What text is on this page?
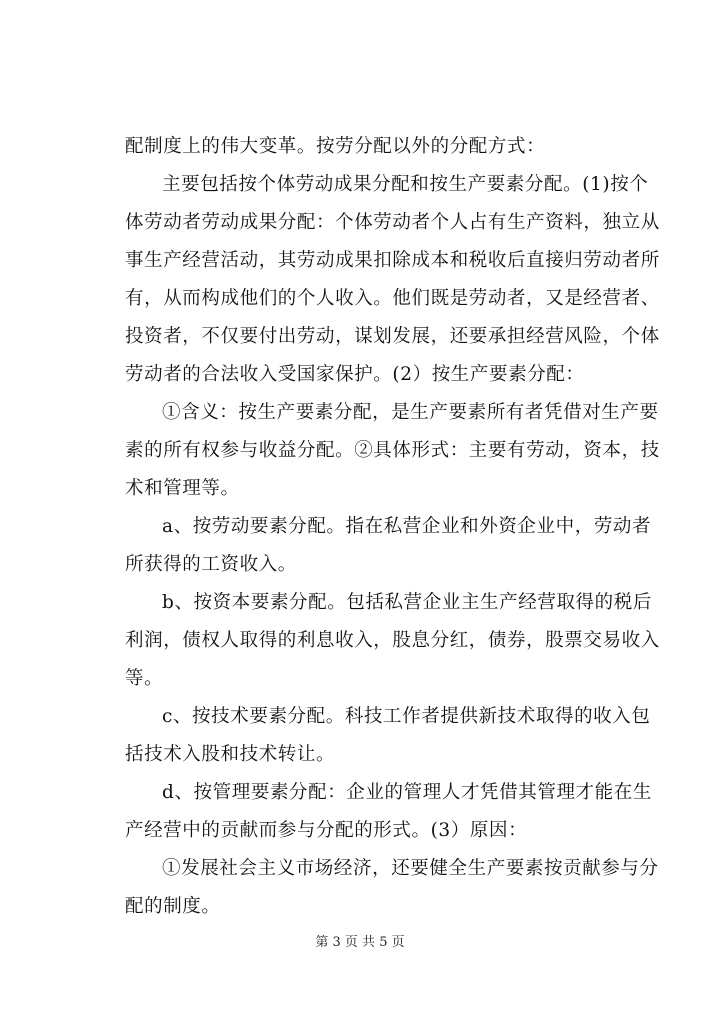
配制度上的伟大变革。按劳分配以外的分配方式：
主要包括按个体劳动成果分配和按生产要素分配。(1)按个
体劳动者劳动成果分配：个体劳动者个人占有生产资料，独立从
事生产经营活动，其劳动成果扣除成本和税收后直接归劳动者所
有，从而构成他们的个人收入。他们既是劳动者，又是经营者、
投资者，不仅要付出劳动，谋划发展，还要承担经营风险，个体
劳动者的合法收入受国家保护。(2）按生产要素分配：
①含义：按生产要素分配，是生产要素所有者凭借对生产要
素的所有权参与收益分配。②具体形式：主要有劳动，资本，技
术和管理等。
a、按劳动要素分配。指在私营企业和外资企业中，劳动者
所获得的工资收入。
b、按资本要素分配。包括私营企业主生产经营取得的税后
利润，债权人取得的利息收入，股息分红，债券，股票交易收入
等。
c、按技术要素分配。科技工作者提供新技术取得的收入包
括技术入股和技术转让。
d、按管理要素分配：企业的管理人才凭借其管理才能在生
产经营中的贡献而参与分配的形式。(3）原因：
①发展社会主义市场经济，还要健全生产要素按贡献参与分
配的制度。
第 3 页 共 5 页
